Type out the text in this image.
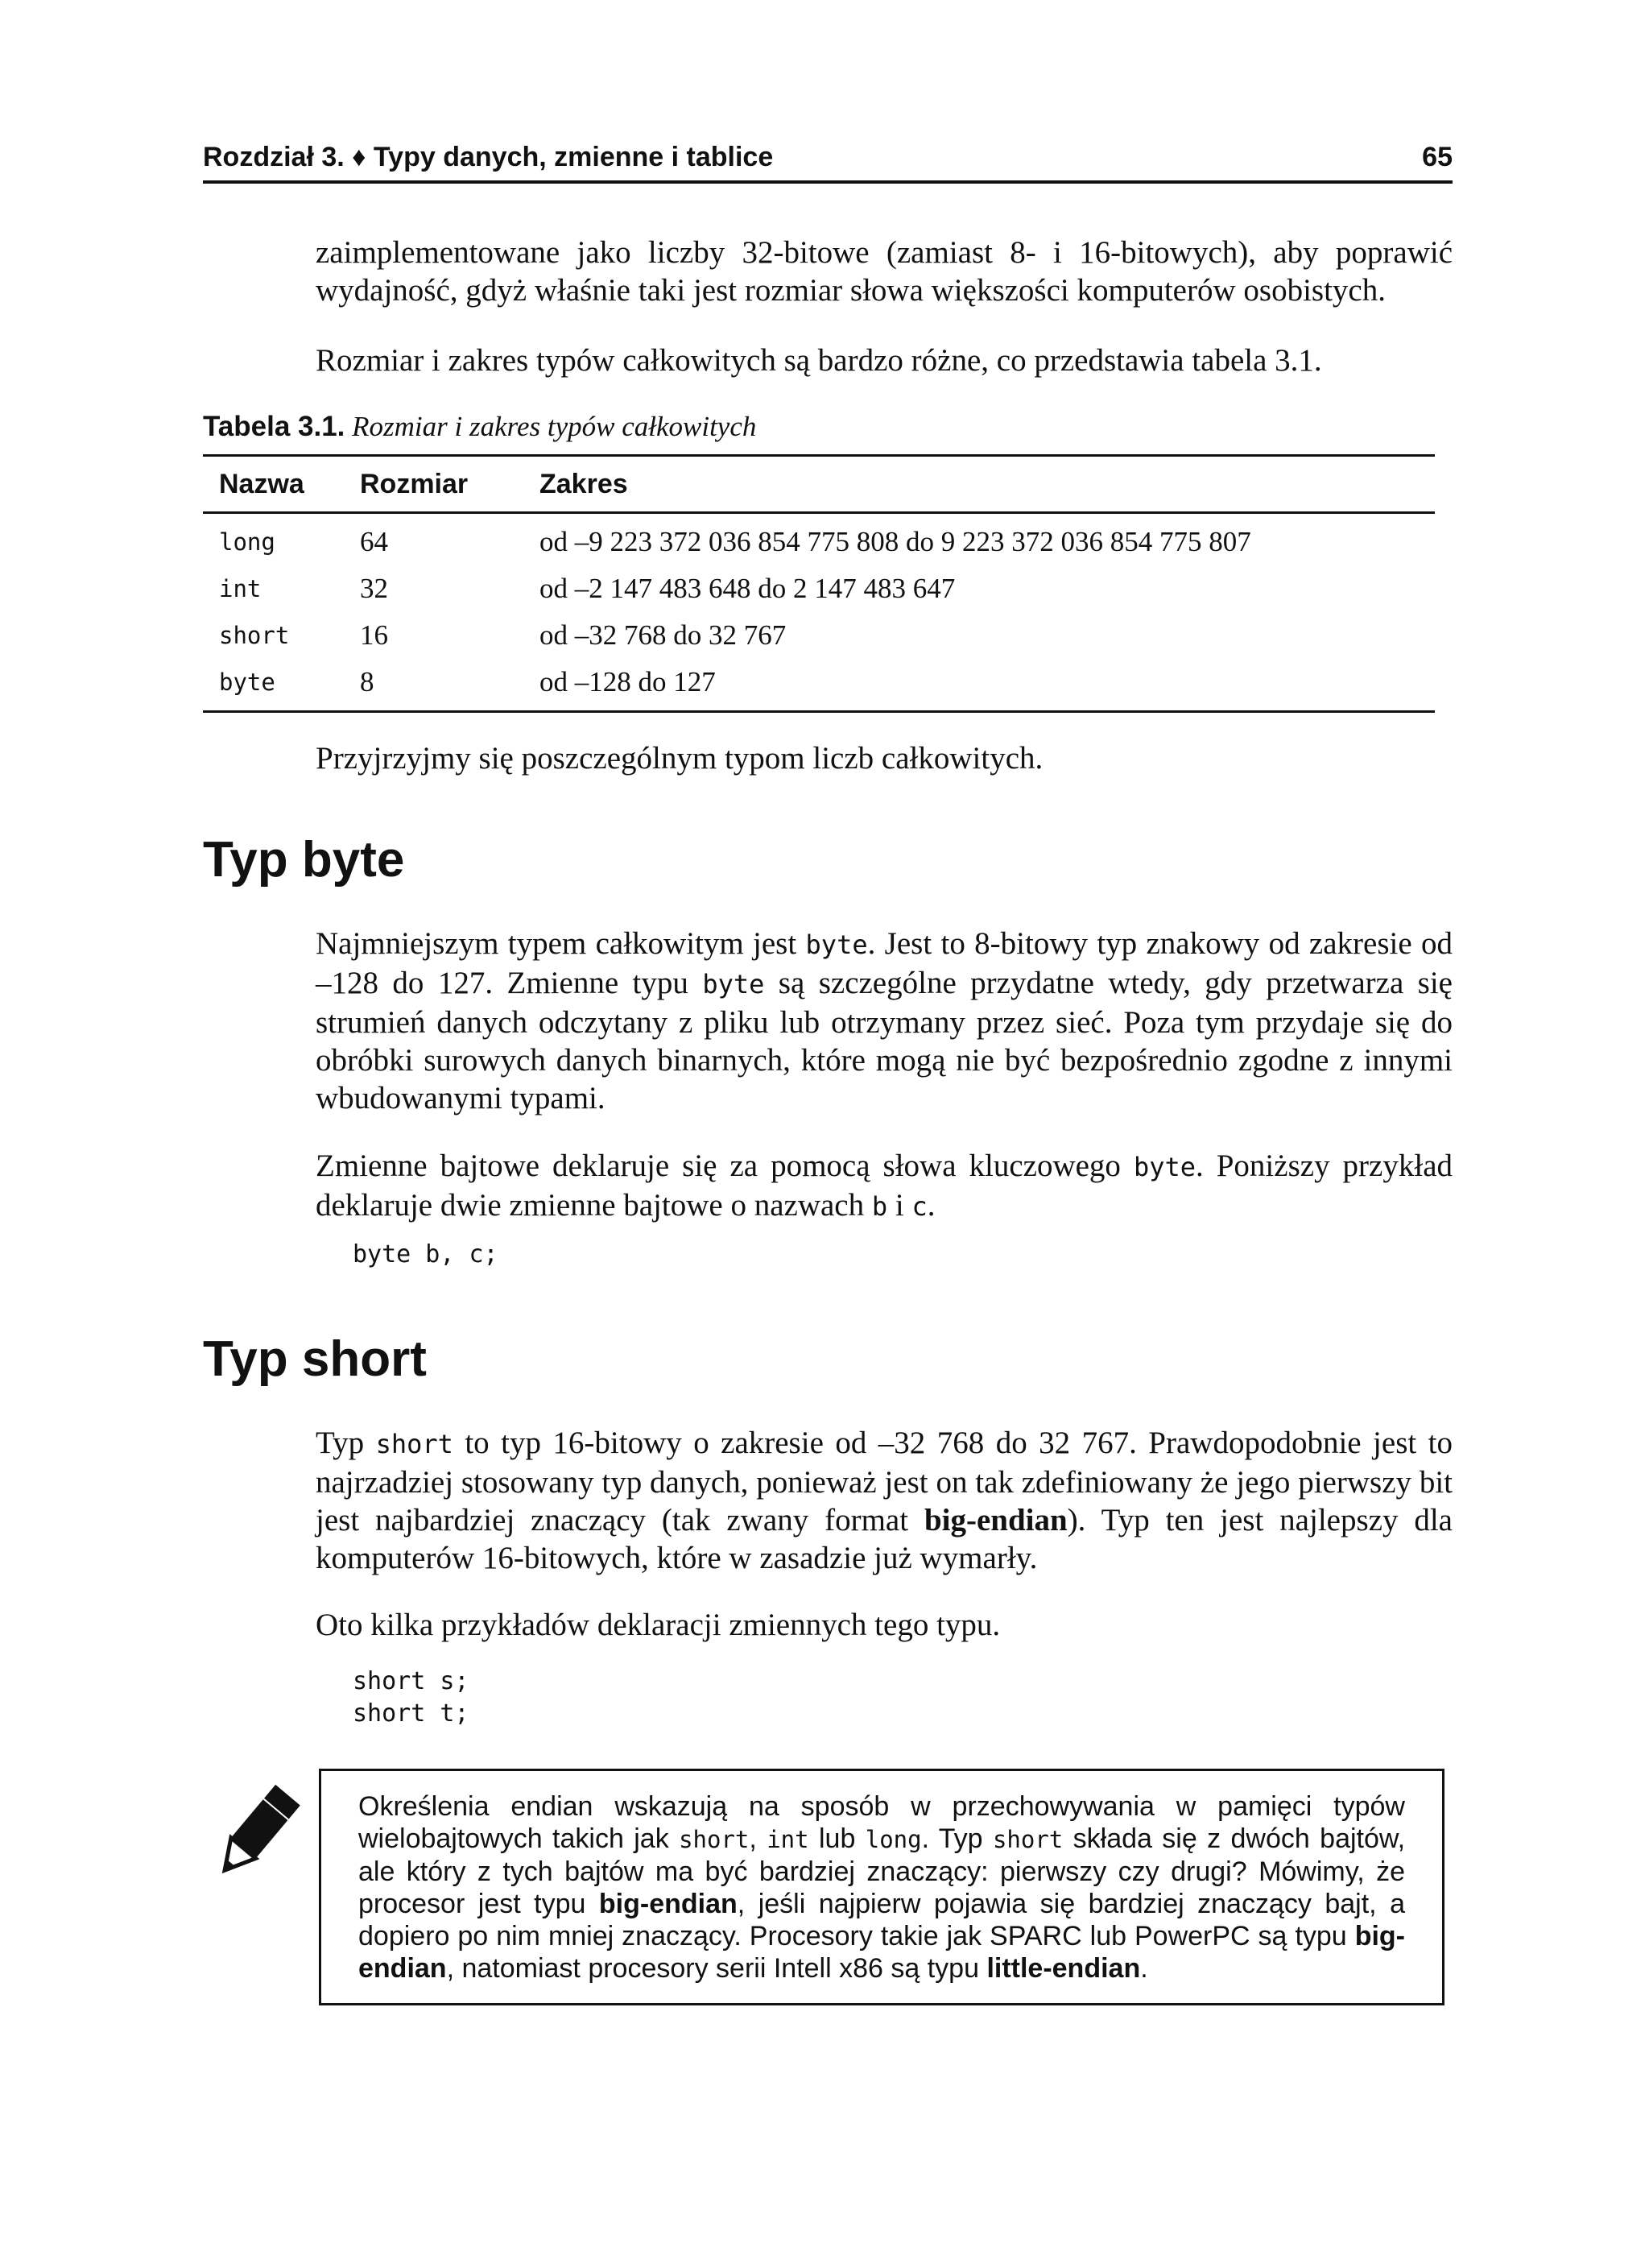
Rozdział 3. ♦ Typy danych, zmienne i tablice	65

zaimplementowane jako liczby 32-bitowe (zamiast 8- i 16-bitowych), aby poprawić wydajność, gdyż właśnie taki jest rozmiar słowa większości komputerów osobistych.

Rozmiar i zakres typów całkowitych są bardzo różne, co przedstawia tabela 3.1.

Tabela 3.1. Rozmiar i zakres typów całkowitych

Nazwa	Rozmiar	Zakres
long	64	od –9 223 372 036 854 775 808 do 9 223 372 036 854 775 807
int	32	od –2 147 483 648 do 2 147 483 647
short	16	od –32 768 do 32 767
byte	8	od –128 do 127

Przyjrzyjmy się poszczególnym typom liczb całkowitych.

Typ byte

Najmniejszym typem całkowitym jest byte. Jest to 8-bitowy typ znakowy od zakresie od –128 do 127. Zmienne typu byte są szczególne przydatne wtedy, gdy przetwarza się strumień danych odczytany z pliku lub otrzymany przez sieć. Poza tym przydaje się do obróbki surowych danych binarnych, które mogą nie być bezpośrednio zgodne z innymi wbudowanymi typami.

Zmienne bajtowe deklaruje się za pomocą słowa kluczowego byte. Poniższy przykład deklaruje dwie zmienne bajtowe o nazwach b i c.

byte b, c;
Typ short

Typ short to typ 16-bitowy o zakresie od –32 768 do 32 767. Prawdopodobnie jest to najrzadziej stosowany typ danych, ponieważ jest on tak zdefiniowany że jego pierwszy bit jest najbardziej znaczący (tak zwany format big-endian). Typ ten jest najlepszy dla komputerów 16-bitowych, które w zasadzie już wymarły.

Oto kilka przykładów deklaracji zmiennych tego typu.

short s;
short t;

Określenia endian wskazują na sposób w przechowywania w pamięci typów wielobajtowych takich jak short, int lub long. Typ short składa się z dwóch bajtów, ale który z tych bajtów ma być bardziej znaczący: pierwszy czy drugi? Mówimy, że procesor jest typu big-endian, jeśli najpierw pojawia się bardziej znaczący bajt, a dopiero po nim mniej znaczący. Procesory takie jak SPARC lub PowerPC są typu big-endian, natomiast procesory serii Intell x86 są typu little-endian.
